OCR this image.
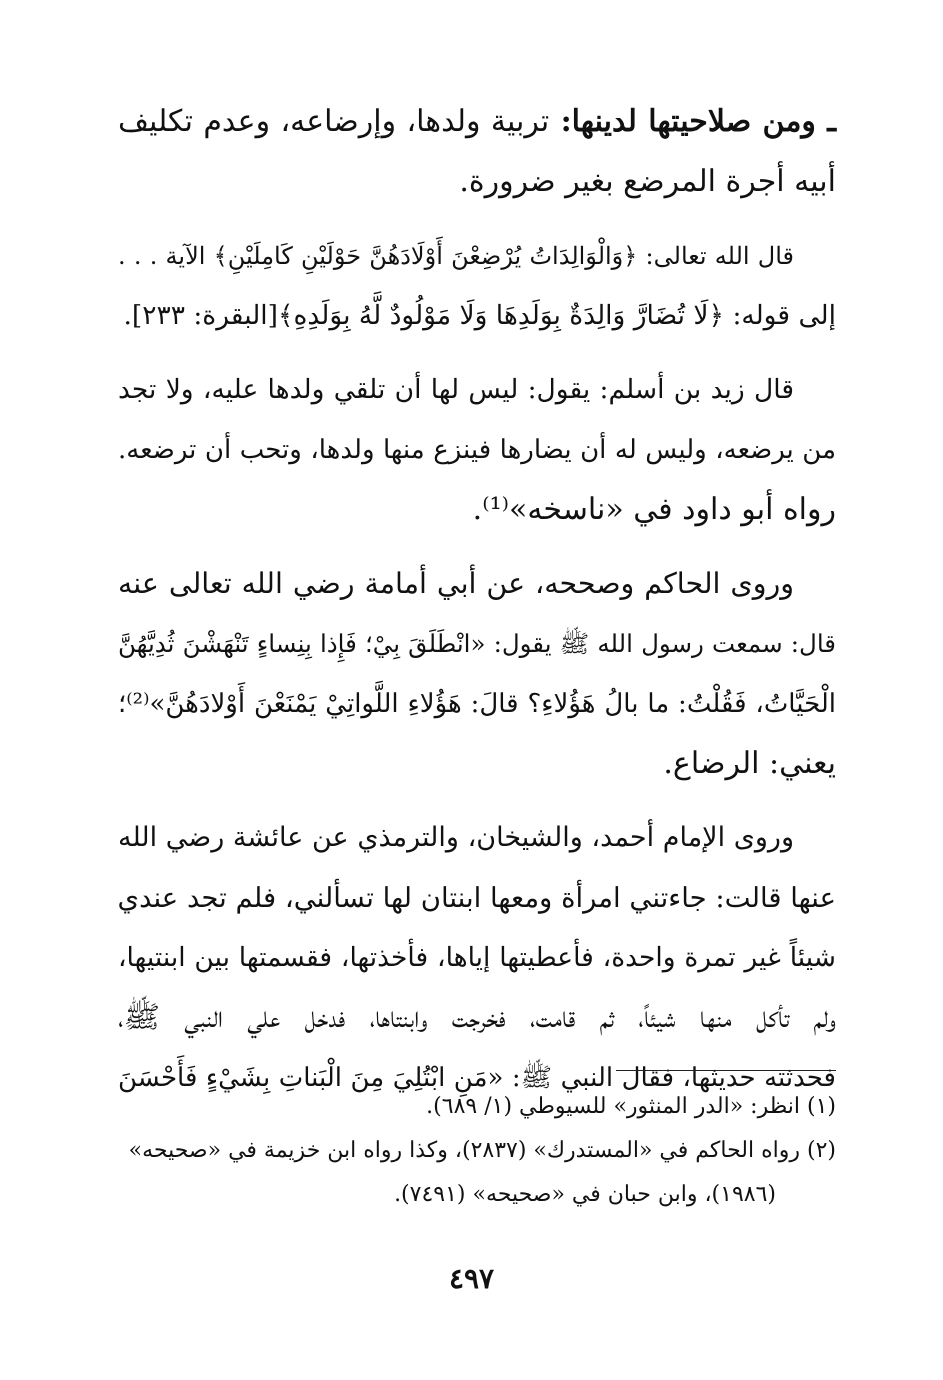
ـ ومن صلاحيتها لدينها: تربية ولدها، وإرضاعه، وعدم تكليف
أبيه أجرة المرضع بغير ضرورة.
قال الله تعالى: ﴿وَالْوَالِدَاتُ يُرْضِعْنَ أَوْلَادَهُنَّ حَوْلَيْنِ كَامِلَيْنِ﴾ الآية . . .
إلى قوله: ﴿لَا تُضَارَّ وَالِدَةٌ بِوَلَدِهَا وَلَا مَوْلُودٌ لَّهُ بِوَلَدِهِ﴾[البقرة: ٢٣٣].
قال زيد بن أسلم: يقول: ليس لها أن تلقي ولدها عليه، ولا تجد
من يرضعه، وليس له أن يضارها فينزع منها ولدها، وتحب أن ترضعه.
رواه أبو داود في «ناسخه»⁽¹⁾.
وروى الحاكم وصححه، عن أبي أمامة رضي الله تعالى عنه
قال: سمعت رسول الله ﷺ يقول: «انْطَلَقَ بِيْ؛ فَإِذا بِنِساءٍ تَنْهَشْنَ ثُدِيَّهُنَّ
الْحَيَّاتُ، فَقُلْتُ: ما بالُ هَؤُلاءِ؟ قالَ: هَؤُلاءِ اللَّواتِيْ يَمْنَعْنَ أَوْلادَهُنَّ»⁽²⁾؛
يعني: الرضاع.
وروى الإمام أحمد، والشيخان، والترمذي عن عائشة رضي الله
عنها قالت: جاءتني امرأة ومعها ابنتان لها تسألني، فلم تجد عندي
شيئاً غير تمرة واحدة، فأعطيتها إياها، فأخذتها، فقسمتها بين ابنتيها،
ولم تأكل منها شيئاً، ثم قامت، فخرجت وابنتاها، فدخل علي النبي ﷺ،
فحدثته حديثها، فقال النبي ﷺ: «مَنِ ابْتُلِيَ مِنَ الْبَناتِ بِشَيْءٍ فَأَحْسَنَ
(١) انظر: «الدر المنثور» للسيوطي (١/ ٦٨٩).
(٢) رواه الحاكم في «المستدرك» (٢٨٣٧)، وكذا رواه ابن خزيمة في «صحيحه»
(١٩٨٦)، وابن حبان في «صحيحه» (٧٤٩١).
٤٩٧
